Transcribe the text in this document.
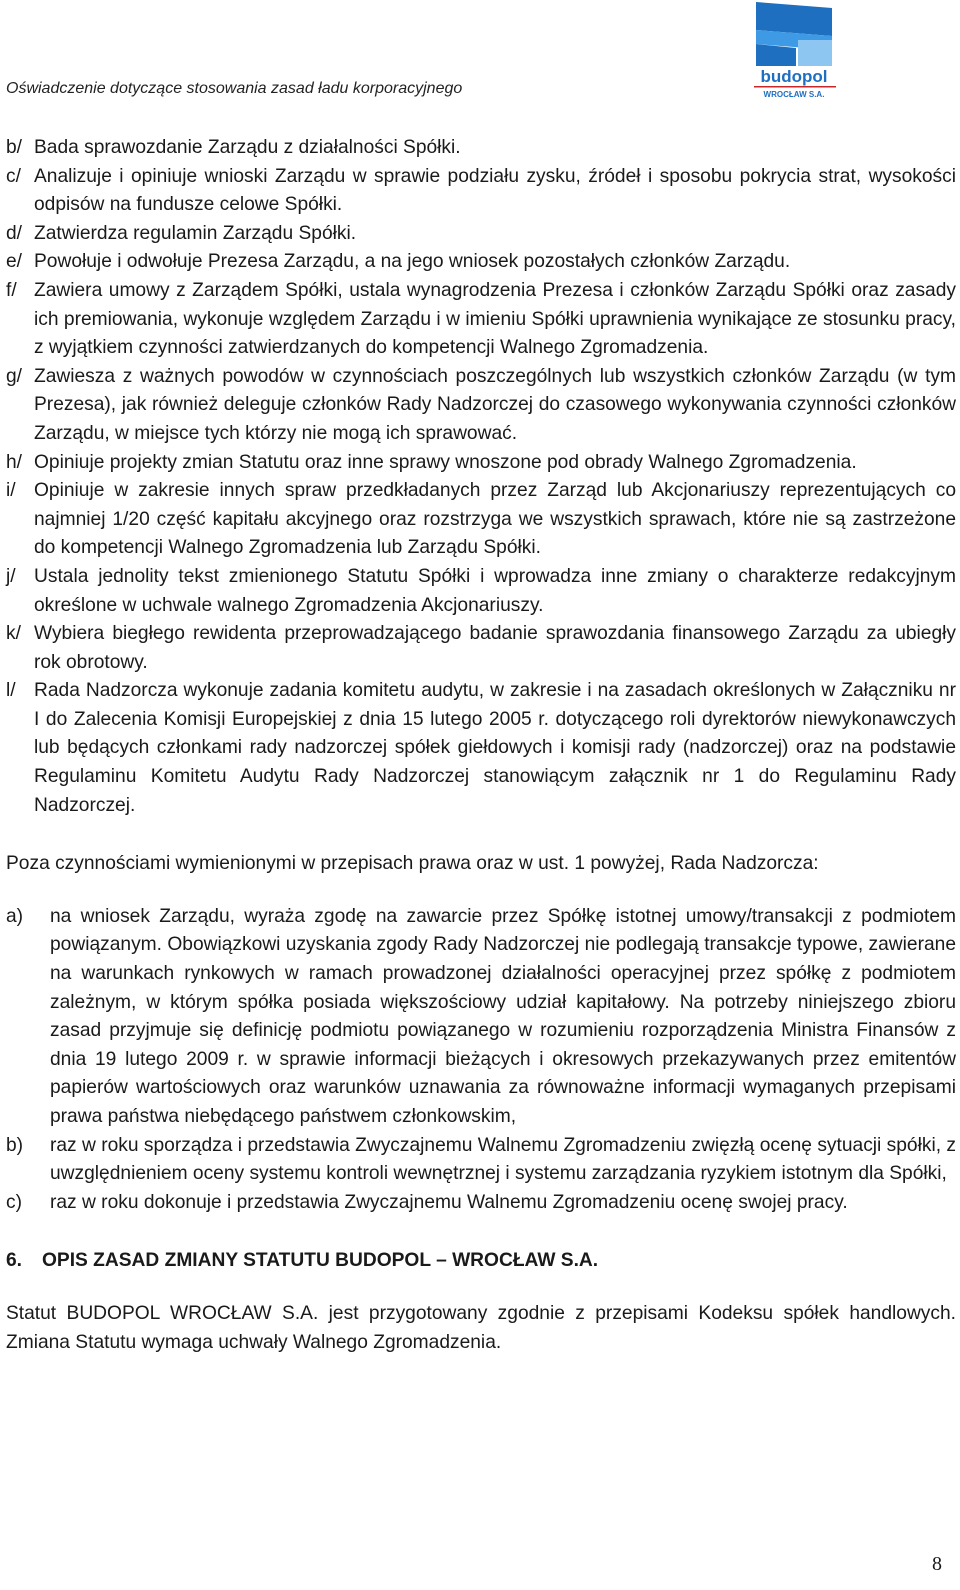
Oświadczenie dotyczące stosowania zasad ładu korporacyjnego
budopol
WROCŁAW S.A.
b/ Bada sprawozdanie Zarządu z działalności Spółki.
c/ Analizuje i opiniuje wnioski Zarządu w sprawie podziału zysku, źródeł i sposobu pokrycia strat, wysokości odpisów na fundusze celowe Spółki.
d/ Zatwierdza regulamin Zarządu Spółki.
e/ Powołuje i odwołuje Prezesa Zarządu, a na jego wniosek pozostałych członków Zarządu.
f/ Zawiera umowy z Zarządem Spółki, ustala wynagrodzenia Prezesa i członków Zarządu Spółki oraz zasady ich premiowania, wykonuje względem Zarządu i w imieniu Spółki uprawnienia wynikające ze stosunku pracy, z wyjątkiem czynności zatwierdzanych do kompetencji Walnego Zgromadzenia.
g/ Zawiesza z ważnych powodów w czynnościach poszczególnych lub wszystkich członków Zarządu (w tym Prezesa), jak również deleguje członków Rady Nadzorczej do czasowego wykonywania czynności członków Zarządu, w miejsce tych którzy nie mogą ich sprawować.
h/ Opiniuje projekty zmian Statutu oraz inne sprawy wnoszone pod obrady Walnego Zgromadzenia.
i/ Opiniuje w zakresie innych spraw przedkładanych przez Zarząd lub Akcjonariuszy reprezentujących co najmniej 1/20 część kapitału akcyjnego oraz rozstrzyga we wszystkich sprawach, które nie są zastrzeżone do kompetencji Walnego Zgromadzenia lub Zarządu Spółki.
j/ Ustala jednolity tekst zmienionego Statutu Spółki i wprowadza inne zmiany o charakterze redakcyjnym określone w uchwale walnego Zgromadzenia Akcjonariuszy.
k/ Wybiera biegłego rewidenta przeprowadzającego badanie sprawozdania finansowego Zarządu za ubiegły rok obrotowy.
l/ Rada Nadzorcza wykonuje zadania komitetu audytu, w zakresie i na zasadach określonych w Załączniku nr I do Zalecenia Komisji Europejskiej z dnia 15 lutego 2005 r. dotyczącego roli dyrektorów niewykonawczych lub będących członkami rady nadzorczej spółek giełdowych i komisji rady (nadzorczej) oraz na podstawie Regulaminu Komitetu Audytu Rady Nadzorczej stanowiącym załącznik nr 1 do Regulaminu Rady Nadzorczej.

Poza czynnościami wymienionymi w przepisach prawa oraz w ust. 1 powyżej, Rada Nadzorcza:

a)	na wniosek Zarządu, wyraża zgodę na zawarcie przez Spółkę istotnej umowy/transakcji z podmiotem powiązanym. Obowiązkowi uzyskania zgody Rady Nadzorczej nie podlegają transakcje typowe, zawierane na warunkach rynkowych w ramach prowadzonej działalności operacyjnej przez spółkę z podmiotem zależnym, w którym spółka posiada większościowy udział kapitałowy. Na potrzeby niniejszego zbioru zasad przyjmuje się definicję podmiotu powiązanego w rozumieniu rozporządzenia Ministra Finansów z dnia 19 lutego 2009 r. w sprawie informacji bieżących i okresowych przekazywanych przez emitentów papierów wartościowych oraz warunków uznawania za równoważne informacji wymaganych przepisami prawa państwa niebędącego państwem członkowskim,
b)	raz w roku sporządza i przedstawia Zwyczajnemu Walnemu Zgromadzeniu zwięzłą ocenę sytuacji spółki, z uwzględnieniem oceny systemu kontroli wewnętrznej i systemu zarządzania ryzykiem istotnym dla Spółki,
c)	raz w roku dokonuje i przedstawia Zwyczajnemu Walnemu Zgromadzeniu ocenę swojej pracy.

6. OPIS ZASAD ZMIANY STATUTU BUDOPOL – WROCŁAW S.A.

Statut BUDOPOL WROCŁAW S.A. jest przygotowany zgodnie z przepisami Kodeksu spółek handlowych. Zmiana Statutu wymaga uchwały Walnego Zgromadzenia.

8
